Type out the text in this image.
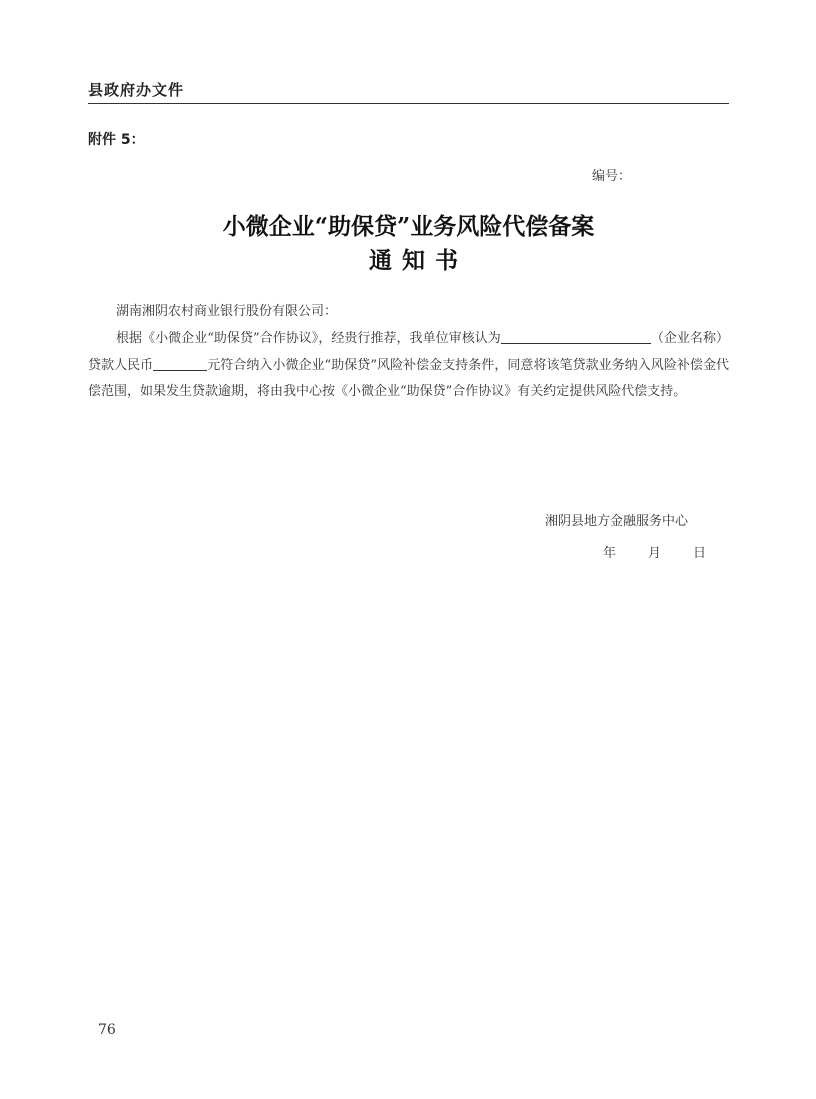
县政府办文件
附件 5：
编号：
小微企业“助保贷”业务风险代偿备案
通知书
湖南湘阴农村商业银行股份有限公司：

根据《小微企业“助保贷”合作协议》，经贵行推荐，我单位审核认为	（企业名称）贷款人民币	元符合纳入小微企业“助保贷”风险补偿金支持条件，同意将该笔贷款业务纳入风险补偿金代偿范围，如果发生贷款逾期，将由我中心按《小微企业“助保贷”合作协议》有关约定提供风险代偿支持。

湘阴县地方金融服务中心
年 月 日
76
